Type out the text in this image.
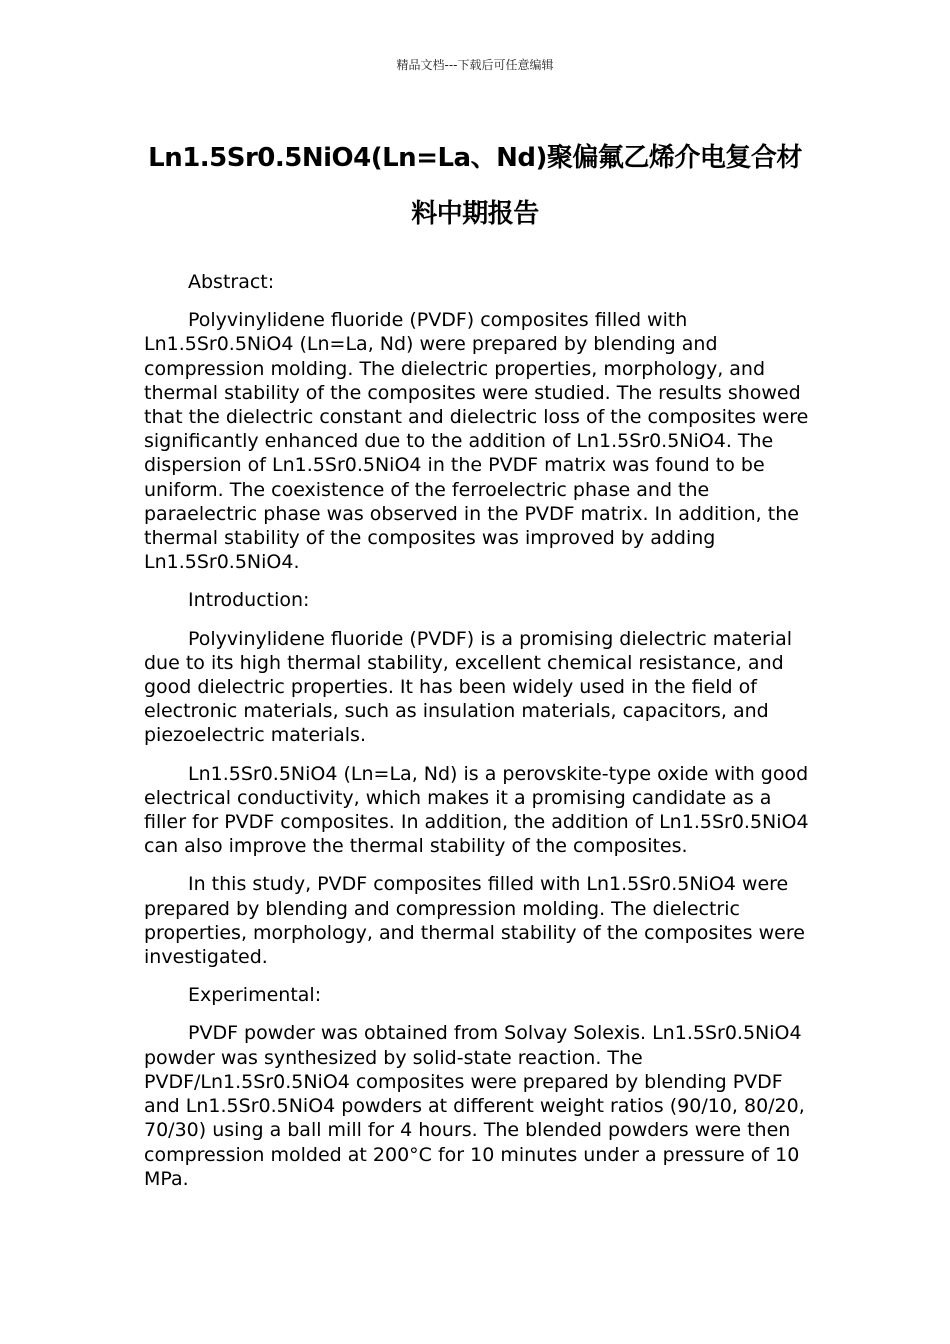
精品文档---下载后可任意编辑
Ln1.5Sr0.5NiO4(Ln=La、Nd)聚偏氟乙烯介电复合材料中期报告

Abstract:

Polyvinylidene fluoride (PVDF) composites filled with Ln1.5Sr0.5NiO4 (Ln=La, Nd) were prepared by blending and compression molding. The dielectric properties, morphology, and thermal stability of the composites were studied. The results showed that the dielectric constant and dielectric loss of the composites were significantly enhanced due to the addition of Ln1.5Sr0.5NiO4. The dispersion of Ln1.5Sr0.5NiO4 in the PVDF matrix was found to be uniform. The coexistence of the ferroelectric phase and the paraelectric phase was observed in the PVDF matrix. In addition, the thermal stability of the composites was improved by adding Ln1.5Sr0.5NiO4.

Introduction:

Polyvinylidene fluoride (PVDF) is a promising dielectric material due to its high thermal stability, excellent chemical resistance, and good dielectric properties. It has been widely used in the field of electronic materials, such as insulation materials, capacitors, and piezoelectric materials.

Ln1.5Sr0.5NiO4 (Ln=La, Nd) is a perovskite-type oxide with good electrical conductivity, which makes it a promising candidate as a filler for PVDF composites. In addition, the addition of Ln1.5Sr0.5NiO4 can also improve the thermal stability of the composites.

In this study, PVDF composites filled with Ln1.5Sr0.5NiO4 were prepared by blending and compression molding. The dielectric properties, morphology, and thermal stability of the composites were investigated.

Experimental:

PVDF powder was obtained from Solvay Solexis. Ln1.5Sr0.5NiO4 powder was synthesized by solid-state reaction. The PVDF/Ln1.5Sr0.5NiO4 composites were prepared by blending PVDF and Ln1.5Sr0.5NiO4 powders at different weight ratios (90/10, 80/20, 70/30) using a ball mill for 4 hours. The blended powders were then compression molded at 200°C for 10 minutes under a pressure of 10 MPa.
